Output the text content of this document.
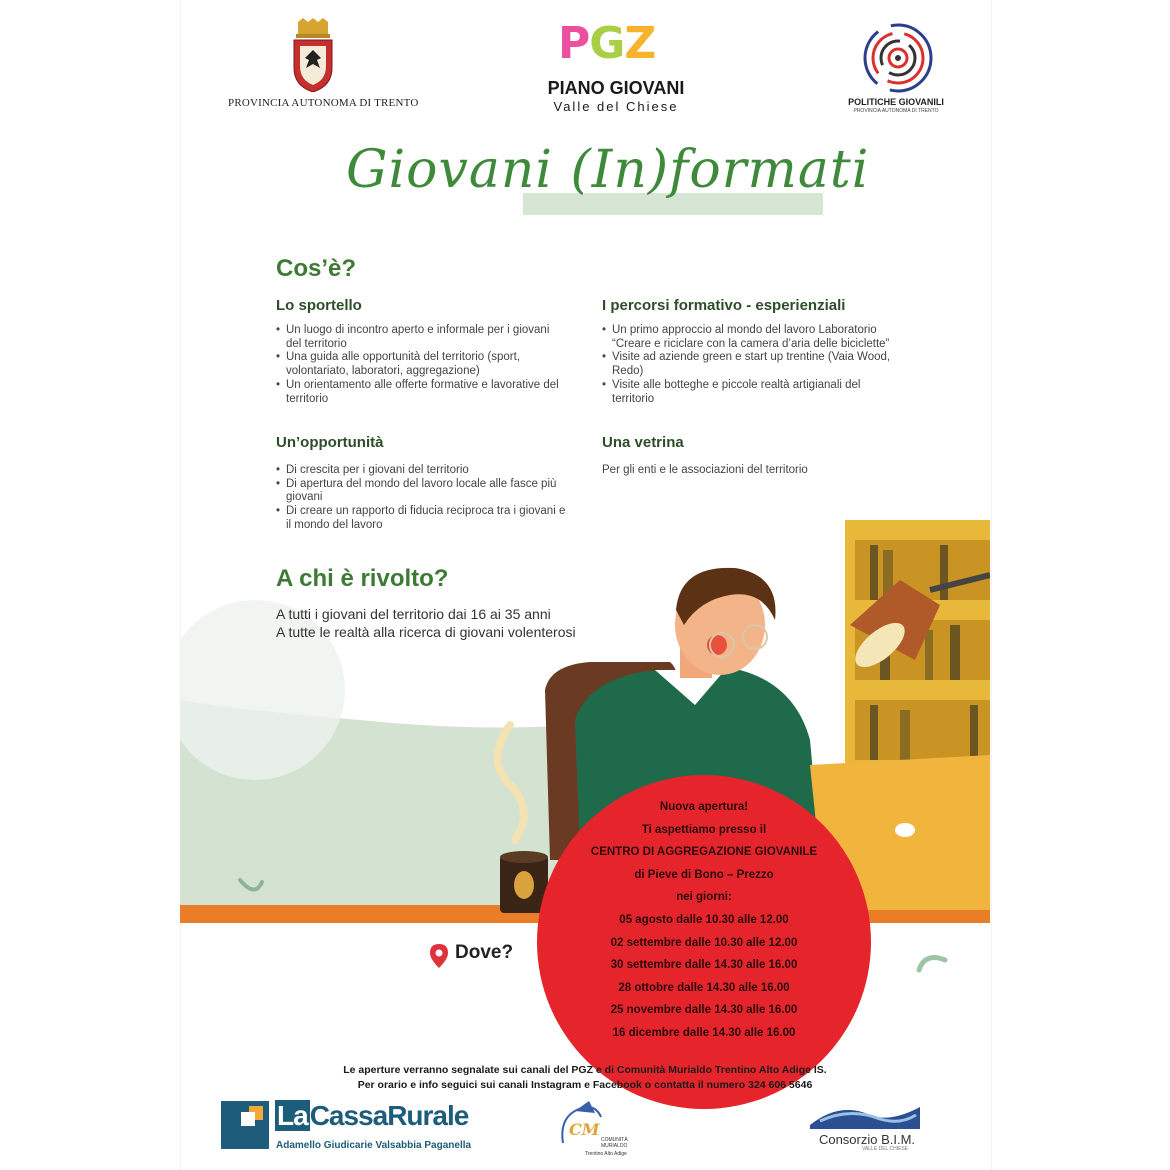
PROVINCIA AUTONOMA DI TRENTO
PGZ
PIANO GIOVANI
Valle del Chiese	POLITICHE GIOVANILI
PROVINCIA AUTONOMA DI TRENTO
Giovani (In)formati
Cos’è?
Lo sportello
• Un luogo di incontro aperto e informale per i giovani del territorio
• Una guida alle opportunità del territorio (sport, volontariato, laboratori, aggregazione)
• Un orientamento alle offerte formative e lavorative del territorio
I percorsi formativo - esperienziali
• Un primo approccio al mondo del lavoro Laboratorio “Creare e riciclare con la camera d’aria delle biciclette”
• Visite ad aziende green e start up trentine (Vaia Wood, Redo)
• Visite alle botteghe e piccole realtà artigianali del territorio
Un’opportunità
• Di crescita per i giovani del territorio
• Di apertura del mondo del lavoro locale alle fasce più giovani
• Di creare un rapporto di fiducia reciproca tra i giovani e il mondo del lavoro
Una vetrina
Per gli enti e le associazioni del territorio
A chi è rivolto?
A tutti i giovani del territorio dai 16 ai 35 anni
A tutte le realtà alla ricerca di giovani volenterosi
Nuova apertura!
Ti aspettiamo presso il
CENTRO DI AGGREGAZIONE GIOVANILE
di Pieve di Bono – Prezzo
nei giorni:
05 agosto dalle 10.30 alle 12.00
02 settembre dalle 10.30 alle 12.00
30 settembre dalle 14.30 alle 16.00
28 ottobre dalle 14.30 alle 16.00
25 novembre dalle 14.30 alle 16.00
16 dicembre dalle 14.30 alle 16.00
Dove?
Le aperture verranno segnalate sui canali del PGZ e di Comunità Murialdo Trentino Alto Adige IS.
Per orario e info seguici sui canali Instagram e Facebook o contatta il numero 324 606 5646
LaCassaRurale
Adamello Giudicarie Valsabbia Paganella
CM
COMUNITÀ
MURIALDO
Trentino Alto Adige
Consorzio B.I.M.
VALLE DEL CHIESE
